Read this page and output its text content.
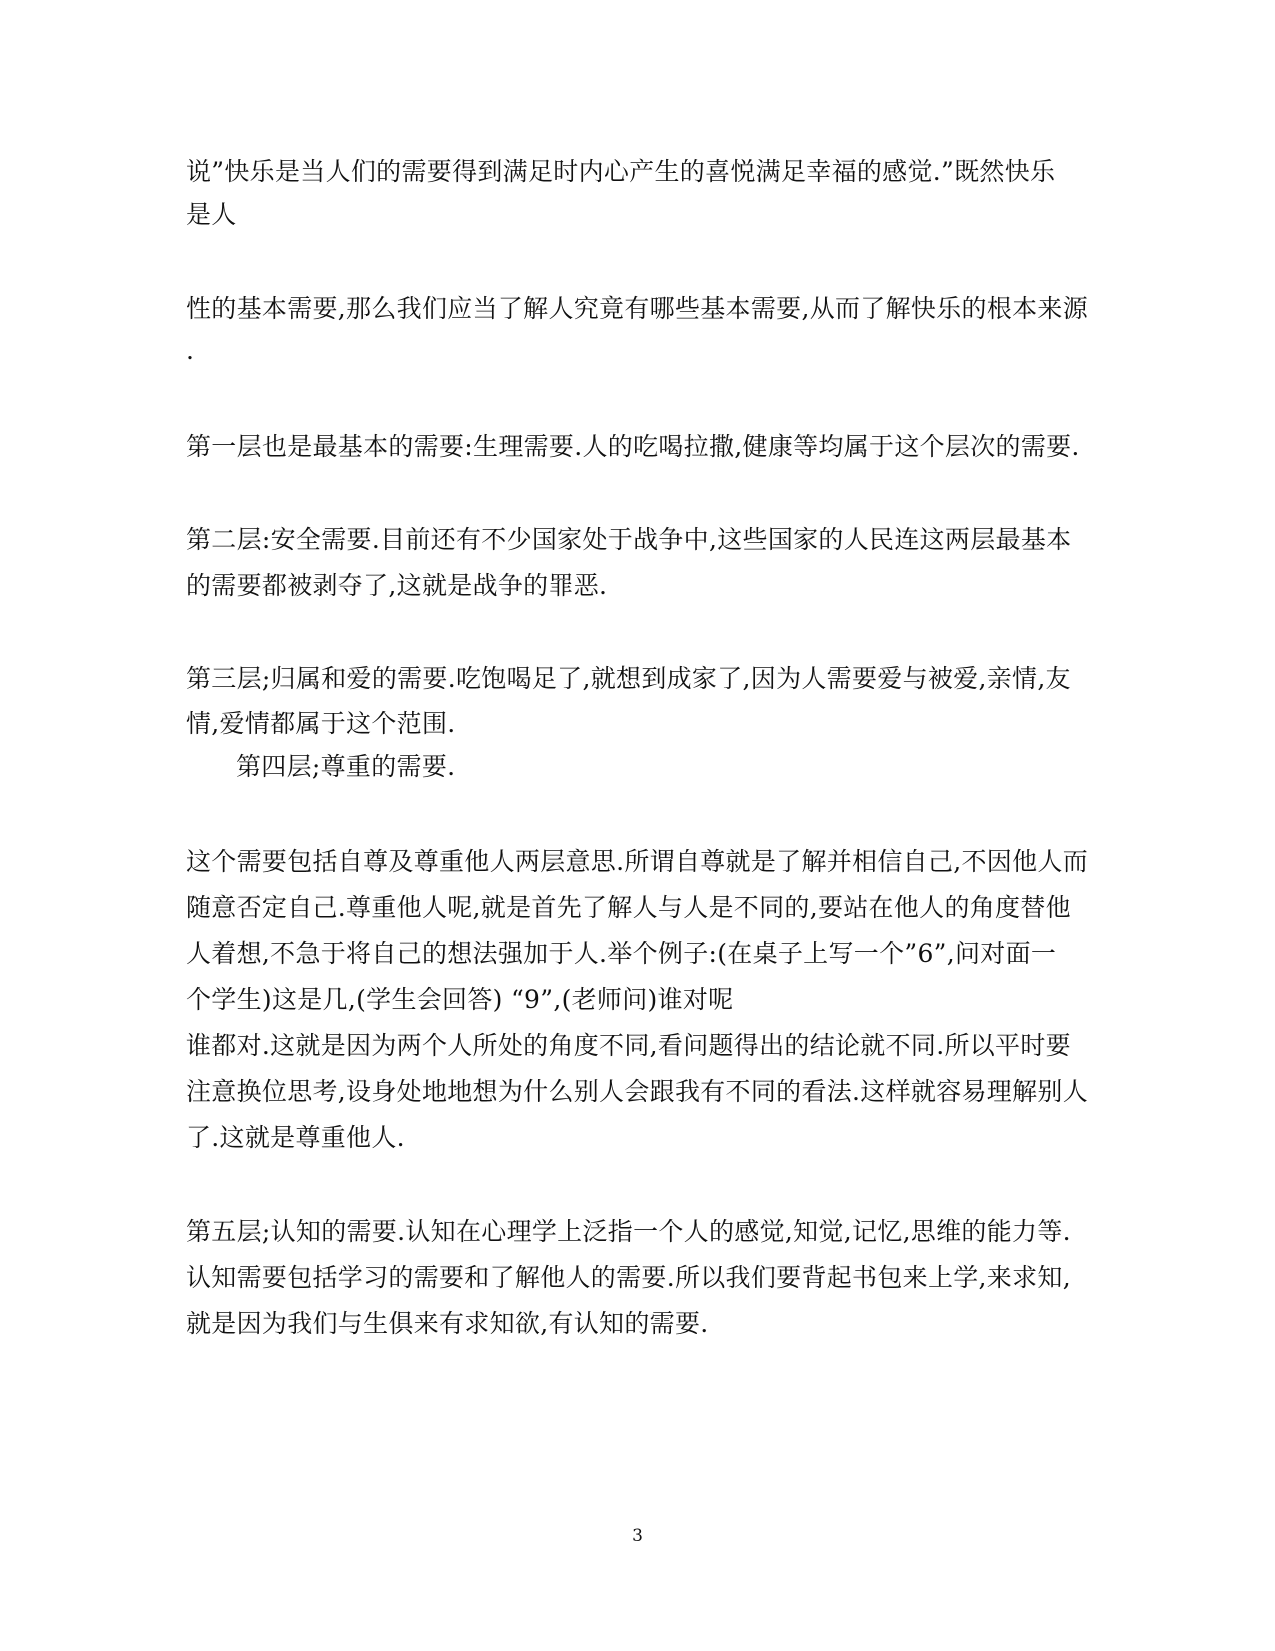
说”快乐是当人们的需要得到满足时内心产生的喜悦满足幸福的感觉.”既然快乐
是人
性的基本需要,那么我们应当了解人究竟有哪些基本需要,从而了解快乐的根本来源
.
第一层也是最基本的需要:生理需要.人的吃喝拉撒,健康等均属于这个层次的需要.
第二层:安全需要.目前还有不少国家处于战争中,这些国家的人民连这两层最基本
的需要都被剥夺了,这就是战争的罪恶.
第三层;归属和爱的需要.吃饱喝足了,就想到成家了,因为人需要爱与被爱,亲情,友
情,爱情都属于这个范围.
第四层;尊重的需要.
这个需要包括自尊及尊重他人两层意思.所谓自尊就是了解并相信自己,不因他人而
随意否定自己.尊重他人呢,就是首先了解人与人是不同的,要站在他人的角度替他
人着想,不急于将自己的想法强加于人.举个例子:(在桌子上写一个”6”,问对面一
个学生)这是几,(学生会回答) “9”,(老师问)谁对呢
谁都对.这就是因为两个人所处的角度不同,看问题得出的结论就不同.所以平时要
注意换位思考,设身处地地想为什么别人会跟我有不同的看法.这样就容易理解别人
了.这就是尊重他人.
第五层;认知的需要.认知在心理学上泛指一个人的感觉,知觉,记忆,思维的能力等.
认知需要包括学习的需要和了解他人的需要.所以我们要背起书包来上学,来求知,
就是因为我们与生俱来有求知欲,有认知的需要.
3
